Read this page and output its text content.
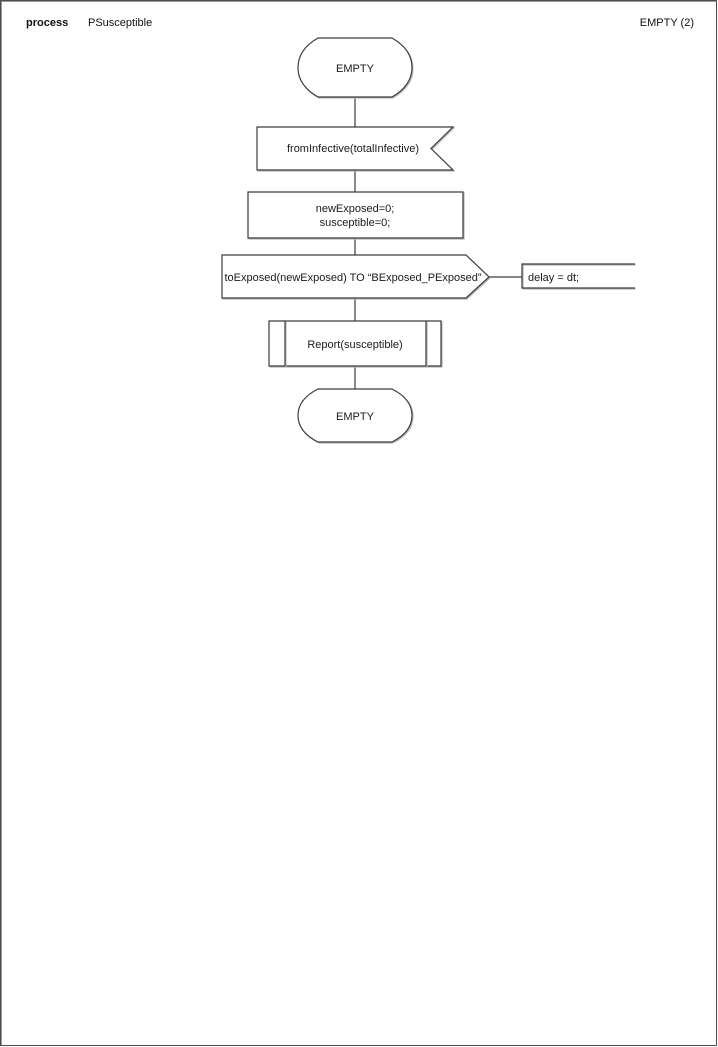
process PSusceptible	EMPTY (2)
EMPTY
fromInfective(totalInfective)
newExposed=0;
susceptible=0;
toExposed(newExposed) TO “BExposed_PExposed”	delay = dt;
Report(susceptible)
EMPTY
